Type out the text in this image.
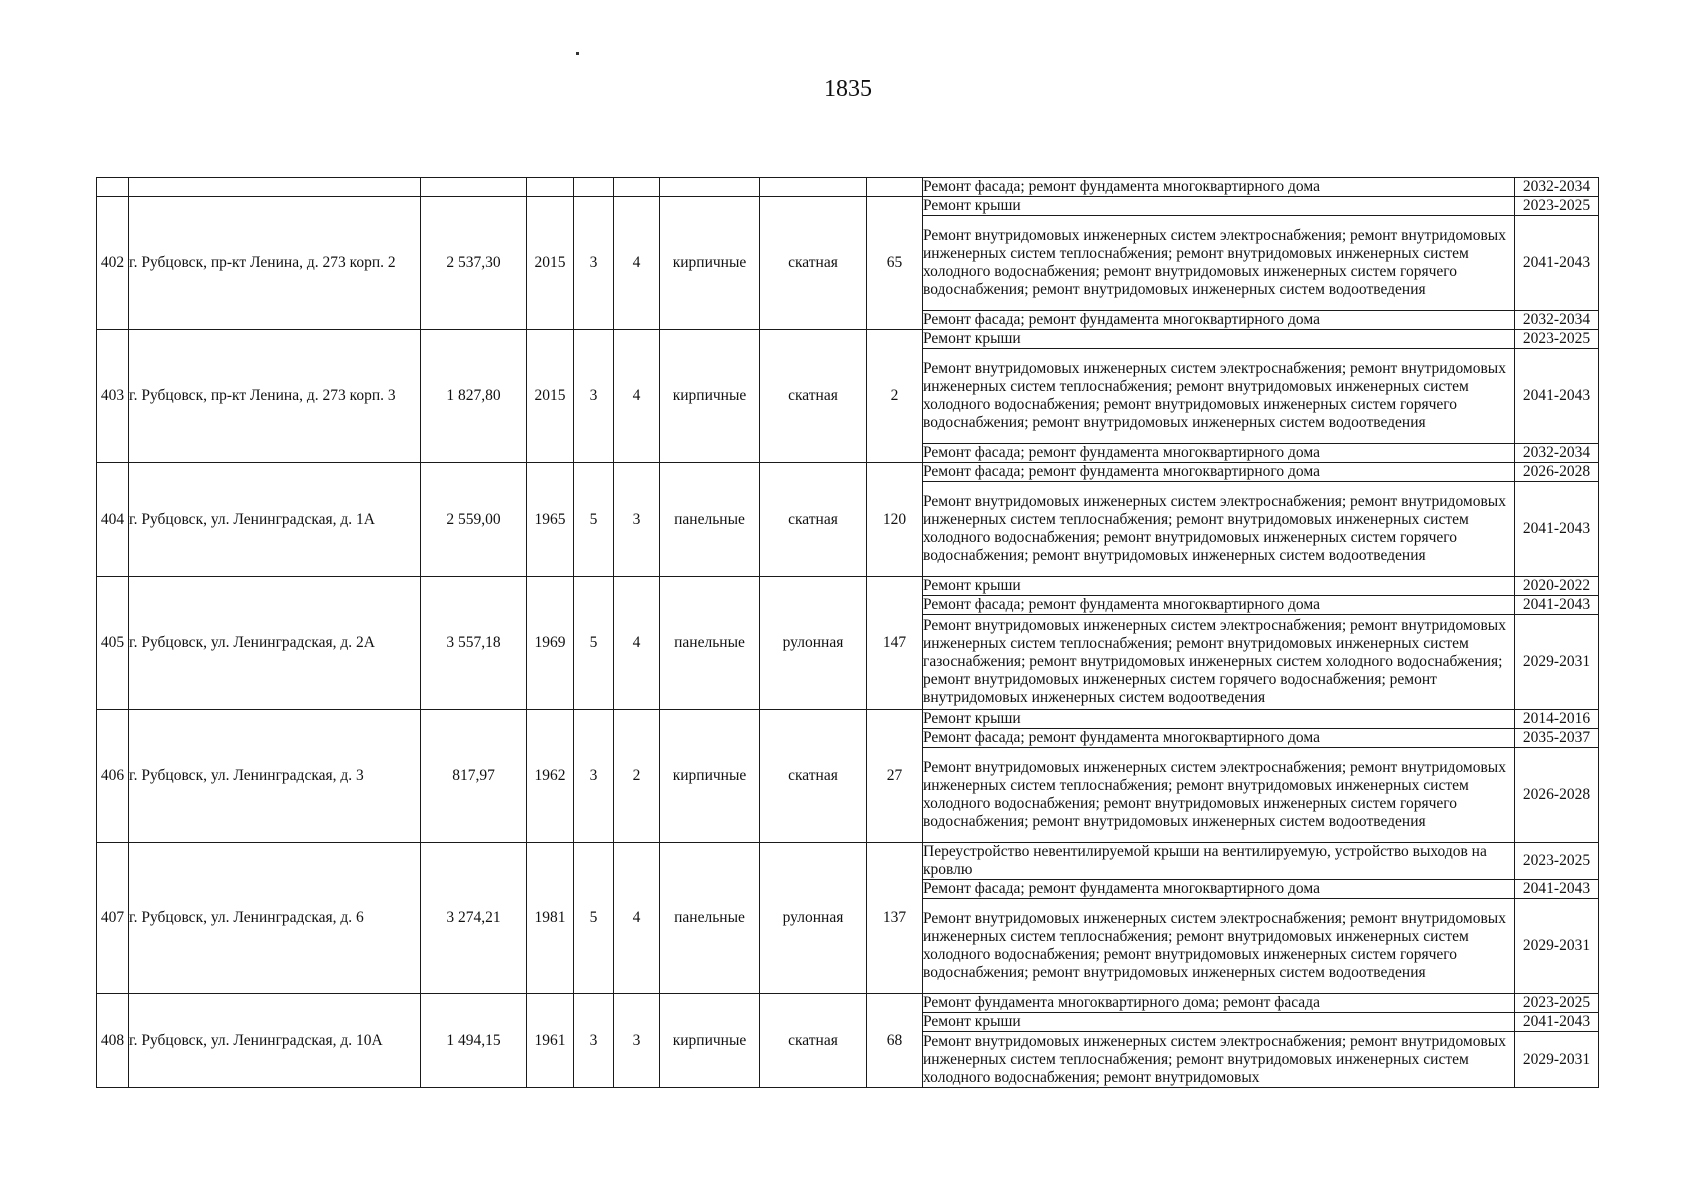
1835
									Ремонт фасада; ремонт фундамента многоквартирного дома	2032-2034
402	г. Рубцовск, пр-кт Ленина, д. 273 корп. 2	2 537,30	2015	3	4	кирпичные	скатная	65	Ремонт крыши	2023-2025
									Ремонт внутридомовых инженерных систем электроснабжения; ремонт внутридомовых инженерных систем теплоснабжения; ремонт внутридомовых инженерных систем холодного водоснабжения; ремонт внутридомовых инженерных систем горячего водоснабжения; ремонт внутридомовых инженерных систем водоотведения	2041-2043
									Ремонт фасада; ремонт фундамента многоквартирного дома	2032-2034
403	г. Рубцовск, пр-кт Ленина, д. 273 корп. 3	1 827,80	2015	3	4	кирпичные	скатная	2	Ремонт крыши	2023-2025
									Ремонт внутридомовых инженерных систем электроснабжения; ремонт внутридомовых инженерных систем теплоснабжения; ремонт внутридомовых инженерных систем холодного водоснабжения; ремонт внутридомовых инженерных систем горячего водоснабжения; ремонт внутридомовых инженерных систем водоотведения	2041-2043
									Ремонт фасада; ремонт фундамента многоквартирного дома	2032-2034
404	г. Рубцовск, ул. Ленинградская, д. 1А	2 559,00	1965	5	3	панельные	скатная	120	Ремонт фасада; ремонт фундамента многоквартирного дома	2026-2028
									Ремонт внутридомовых инженерных систем электроснабжения; ремонт внутридомовых инженерных систем теплоснабжения; ремонт внутридомовых инженерных систем холодного водоснабжения; ремонт внутридомовых инженерных систем горячего водоснабжения; ремонт внутридомовых инженерных систем водоотведения	2041-2043
405	г. Рубцовск, ул. Ленинградская, д. 2А	3 557,18	1969	5	4	панельные	рулонная	147	Ремонт крыши	2020-2022
									Ремонт фасада; ремонт фундамента многоквартирного дома	2041-2043
									Ремонт внутридомовых инженерных систем электроснабжения; ремонт внутридомовых инженерных систем теплоснабжения; ремонт внутридомовых инженерных систем газоснабжения; ремонт внутридомовых инженерных систем холодного водоснабжения; ремонт внутридомовых инженерных систем горячего водоснабжения; ремонт внутридомовых инженерных систем водоотведения	2029-2031
406	г. Рубцовск, ул. Ленинградская, д. 3	817,97	1962	3	2	кирпичные	скатная	27	Ремонт крыши	2014-2016
									Ремонт фасада; ремонт фундамента многоквартирного дома	2035-2037
									Ремонт внутридомовых инженерных систем электроснабжения; ремонт внутридомовых инженерных систем теплоснабжения; ремонт внутридомовых инженерных систем холодного водоснабжения; ремонт внутридомовых инженерных систем горячего водоснабжения; ремонт внутридомовых инженерных систем водоотведения	2026-2028
407	г. Рубцовск, ул. Ленинградская, д. 6	3 274,21	1981	5	4	панельные	рулонная	137	Переустройство невентилируемой крыши на вентилируемую, устройство выходов на кровлю	2023-2025
									Ремонт фасада; ремонт фундамента многоквартирного дома	2041-2043
									Ремонт внутридомовых инженерных систем электроснабжения; ремонт внутридомовых инженерных систем теплоснабжения; ремонт внутридомовых инженерных систем холодного водоснабжения; ремонт внутридомовых инженерных систем горячего водоснабжения; ремонт внутридомовых инженерных систем водоотведения	2029-2031
408	г. Рубцовск, ул. Ленинградская, д. 10А	1 494,15	1961	3	3	кирпичные	скатная	68	Ремонт фундамента многоквартирного дома; ремонт фасада	2023-2025
									Ремонт крыши	2041-2043
									Ремонт внутридомовых инженерных систем электроснабжения; ремонт внутридомовых инженерных систем теплоснабжения; ремонт внутридомовых инженерных систем холодного водоснабжения; ремонт внутридомовых	2029-2031
